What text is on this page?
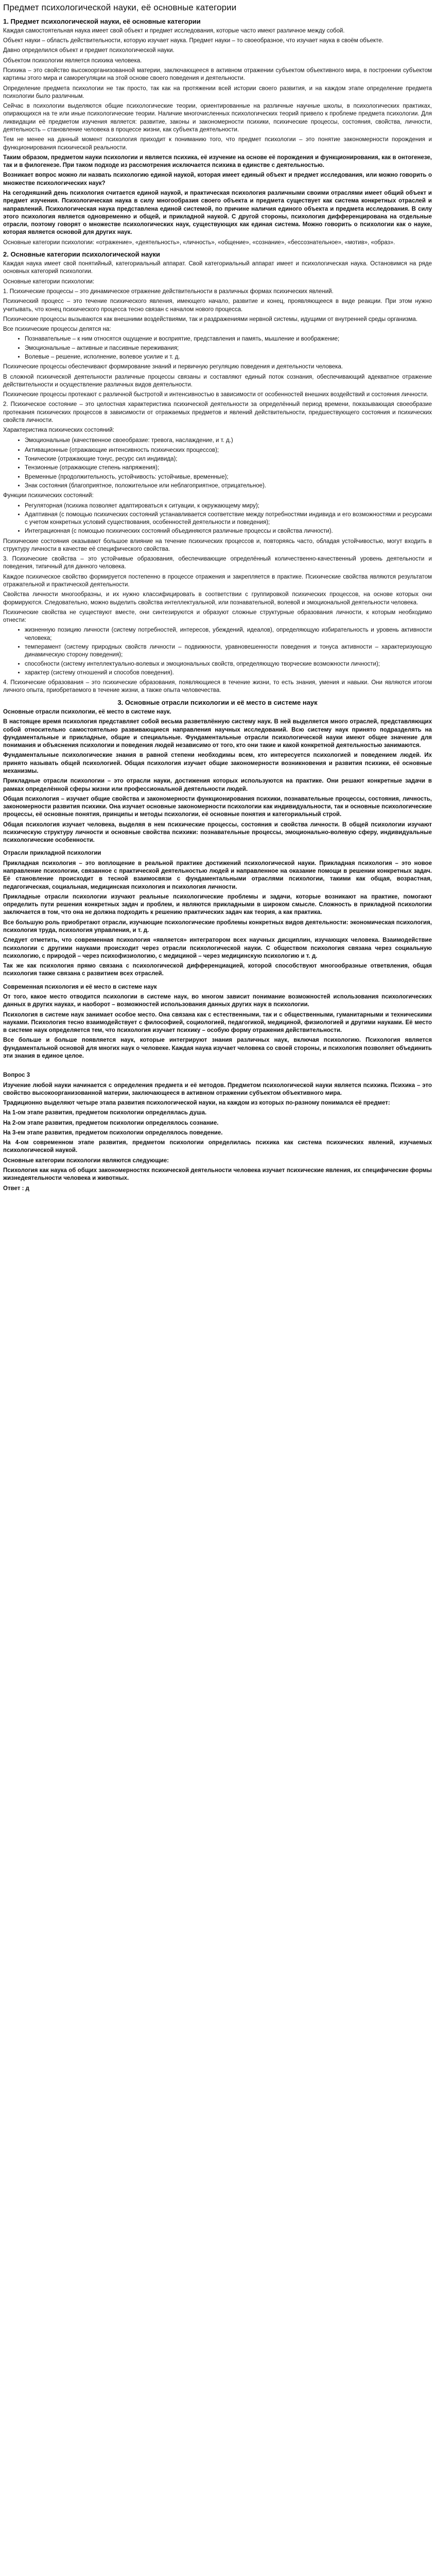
Предмет психологической науки, её основные категории
1. Предмет психологической науки, её основные категории

Каждая самостоятельная наука имеет свой объект и предмет исследования, которые часто имеют различное между собой.

Объект науки – область действительности, которую изучает наука. Предмет науки – то своеобразное, что изучает наука в своём объекте.

Давно определился объект и предмет психологической науки.

Объектом психологии является психика человека.

Психика – это свойство высокоорганизованной материи, заключающееся в активном отражении субъектом объективного мира, в построении субъектом картины этого мира и саморегуляции на этой основе своего поведения и деятельности.

Определение предмета психологии не так просто, так как на протяжении всей истории своего развития, и на каждом этапе определение предмета психологии было различным.

Сейчас в психологии выделяются общие психологические теории, ориентированные на различные научные школы, в психологических практиках, опирающихся на те или иные психологические теории. Наличие многочисленных психологических теорий привело к проблеме предмета психологии. Для ликвидации её предметом изучения является: развитие, законы и закономерности психики, психические процессы, состояния, свойства, личности, деятельность – становление человека в процессе жизни, как субъекта деятельности.

Тем не менее на данный момент психология приходит к пониманию того, что предмет психологии – это понятие закономерности порождения и функционирования психической реальности.

Таким образом, предметом науки психологии и является психика, её изучение на основе её порождения и функционирования, как в онтогенезе, так и в филогенезе. При таком подходе из рассмотрения исключается психика в единстве с деятельностью.

Возникает вопрос можно ли назвать психологию единой наукой, которая имеет единый объект и предмет исследования, или можно говорить о множестве психологических наук?

На сегодняшний день психология считается единой наукой, и практическая психология различными своими отраслями имеет общий объект и предмет изучения. Психологическая наука в силу многообразия своего объекта и предмета существует как система конкретных отраслей и направлений. Психологическая наука представлена единой системой, по причине наличия единого объекта и предмета исследования. В силу этого психология является одновременно и общей, и прикладной наукой. С другой стороны, психология дифференцирована на отдельные отрасли, поэтому говорят о множестве психологических наук, существующих как единая система. Можно говорить о психологии как о науке, которая является основой для других наук.

Основные категории психологии: «отражение», «деятельность», «личность», «общение», «сознание», «бессознательное», «мотив», «образ».

2. Основные категории психологической науки

Каждая наука имеет свой понятийный, категориальный аппарат. Свой категориальный аппарат имеет и психологическая наука. Остановимся на ряде основных категорий психологии.

Основные категории психологии:

1. Психические процессы – это динамическое отражение действительности в различных формах психических явлений.

Психический процесс – это течение психического явления, имеющего начало, развитие и конец, проявляющееся в виде реакции. При этом нужно учитывать, что конец психического процесса тесно связан с началом нового процесса.

Психические процессы вызываются как внешними воздействиями, так и раздражениями нервной системы, идущими от внутренней среды организма.

Все психические процессы делятся на:

• Познавательные – к ним относятся ощущение и восприятие, представления и память, мышление и воображение;
• Эмоциональные – активные и пассивные переживания;
• Волевые – решение, исполнение, волевое усилие и т. д.

Психические процессы обеспечивают формирование знаний и первичную регуляцию поведения и деятельности человека.

В сложной психической деятельности различные процессы связаны и составляют единый поток сознания, обеспечивающий адекватное отражение действительности и осуществление различных видов деятельности.

Психические процессы протекают с различной быстротой и интенсивностью в зависимости от особенностей внешних воздействий и состояния личности.

2. Психическое состояние – это целостная характеристика психической деятельности за определённый период времени, показывающая своеобразие протекания психических процессов в зависимости от отражаемых предметов и явлений действительности, предшествующего состояния и психических свойств личности.

Характеристика психических состояний:

• Эмоциональные (качественное своеобразие: тревога, наслаждение, и т. д.)
• Активационные (отражающие интенсивность психических процессов);
• Тонические (отражающие тонус, ресурс сил индивида);
• Тензионные (отражающие степень напряжения);
• Временные (продолжительность, устойчивость: устойчивые, временные);
• Знак состояния (благоприятное, положительное или неблагоприятное, отрицательное).

Функции психических состояний:

• Регуляторная (психика позволяет адаптироваться к ситуации, к окружающему миру);
• Адаптивная (с помощью психических состояний устанавливается соответствие между потребностями индивида и его возможностями и ресурсами с учетом конкретных условий существования, особенностей деятельности и поведения);
• Интеграционная (с помощью психических состояний объединяются различные процессы и свойства личности).

Психические состояния оказывают большое влияние на течение психических процессов и, повторяясь часто, обладая устойчивостью, могут входить в структуру личности в качестве её специфического свойства.

3. Психические свойства – это устойчивые образования, обеспечивающие определённый количественно-качественный уровень деятельности и поведения, типичный для данного человека.

Каждое психическое свойство формируется постепенно в процессе отражения и закрепляется в практике. Психические свойства являются результатом отражательной и практической деятельности.

Свойства личности многообразны, и их нужно классифицировать в соответствии с группировкой психических процессов, на основе которых они формируются. Следовательно, можно выделить свойства интеллектуальной, или познавательной, волевой и эмоциональной деятельности человека.

Психические свойства не существуют вместе, они синтезируются и образуют сложные структурные образования личности, к которым необходимо отнести:

• жизненную позицию личности (систему потребностей, интересов, убеждений, идеалов), определяющую избирательность и уровень активности человека;
• темперамент (систему природных свойств личности – подвижности, уравновешенности поведения и тонуса активности – характеризующую динамическую сторону поведения);
• способности (систему интеллектуально-волевых и эмоциональных свойств, определяющую творческие возможности личности);
• характер (систему отношений и способов поведения).

4. Психические образования – это психические образования, появляющиеся в течение жизни, то есть знания, умения и навыки. Они являются итогом личного опыта, приобретаемого в течение жизни, а также опыта человечества.

3. Основные отрасли психологии и её место в системе наук

Основные отрасли психологии, её место в системе наук.

В настоящее время психология представляет собой весьма разветвлённую систему наук. В ней выделяется много отраслей, представляющих собой относительно самостоятельно развивающиеся направления научных исследований. Всю систему наук принято подразделять на фундаментальные и прикладные, общие и специальные. Фундаментальные отрасли психологической науки имеют общее значение для понимания и объяснения психологии и поведения людей независимо от того, кто они такие и какой конкретной деятельностью занимаются.

Фундаментальные психологические знания в равной степени необходимы всем, кто интересуется психологией и поведением людей. Их принято называть общей психологией. Общая психология изучает общие закономерности возникновения и развития психики, её основные механизмы.

Прикладные отрасли психологии – это отрасли науки, достижения которых используются на практике. Они решают конкретные задачи в рамках определённой сферы жизни или профессиональной деятельности людей.

Общая психология – изучает общие свойства и закономерности функционирования психики, познавательные процессы, состояния, личность, закономерности развития психики. Она изучает основные закономерности психологии как индивидуальности, так и основные психологические процессы, её основные понятия, принципы и методы психологии, её основные понятия и категориальный строй.

Общая психология изучает человека, выделяя в нем психические процессы, состояния и свойства личности. В общей психологии изучают психическую структуру личности и основные свойства психики: познавательные процессы, эмоционально-волевую сферу, индивидуальные психологические особенности.

Отрасли прикладной психологии

Прикладная психология – это воплощение в реальной практике достижений психологической науки. Прикладная психология – это новое направление психологии, связанное с практической деятельностью людей и направленное на оказание помощи в решении конкретных задач. Её становление происходит в тесной взаимосвязи с фундаментальными отраслями психологии, такими как общая, возрастная, педагогическая, социальная, медицинская психология и психология личности.

Прикладные отрасли психологии изучают реальные психологические проблемы и задачи, которые возникают на практике, помогают определить пути решения конкретных задач и проблем, и являются прикладными в широком смысле. Сложность в прикладной психологии заключается в том, что она не должна подходить к решению практических задач как теория, а как практика.

Все большую роль приобретают отрасли, изучающие психологические проблемы конкретных видов деятельности: экономическая психология, психология труда, психология управления, и т. д.

Следует отметить, что современная психология «является» интегратором всех научных дисциплин, изучающих человека. Взаимодействие психологии с другими науками происходит через отрасли психологической науки. С обществом психология связана через социальную психологию, с природой – через психофизиологию, с медициной – через медицинскую психологию и т. д.

Так же как психология прямо связана с психологической дифференциацией, которой способствуют многообразные ответвления, общая психология также связана с развитием всех отраслей.

Современная психология и её место в системе наук

От того, какое место отводится психологии в системе наук, во многом зависит понимание возможностей использования психологических данных в других науках, и наоборот – возможностей использования данных других наук в психологии.

Психология в системе наук занимает особое место. Она связана как с естественными, так и с общественными, гуманитарными и техническими науками. Психология тесно взаимодействует с философией, социологией, педагогикой, медициной, физиологией и другими науками. Её место в системе наук определяется тем, что психология изучает психику – особую форму отражения действительности.

Все больше и больше появляется наук, которые интегрируют знания различных наук, включая психологию. Психология является фундаментальной основой для многих наук о человеке. Каждая наука изучает человека со своей стороны, и психология позволяет объединить эти знания в единое целое.

Вопрос 3

Изучение любой науки начинается с определения предмета и её методов. Предметом психологической науки является психика. Психика – это свойство высокоорганизованной материи, заключающееся в активном отражении субъектом объективного мира.

Традиционно выделяют четыре этапа развития психологической науки, на каждом из которых по-разному понимался её предмет:

На 1-ом этапе развития, предметом психологии определялась душа.

На 2-ом этапе развития, предметом психологии определялось сознание.

На 3-ем этапе развития, предметом психологии определялось поведение.

На 4-ом современном этапе развития, предметом психологии определилась психика как система психических явлений, изучаемых психологической наукой.

Основные категории психологии являются следующие:

Психология как наука об общих закономерностях психической деятельности человека изучает психические явления, их специфические формы жизнедеятельности человека и животных.

Ответ : д
